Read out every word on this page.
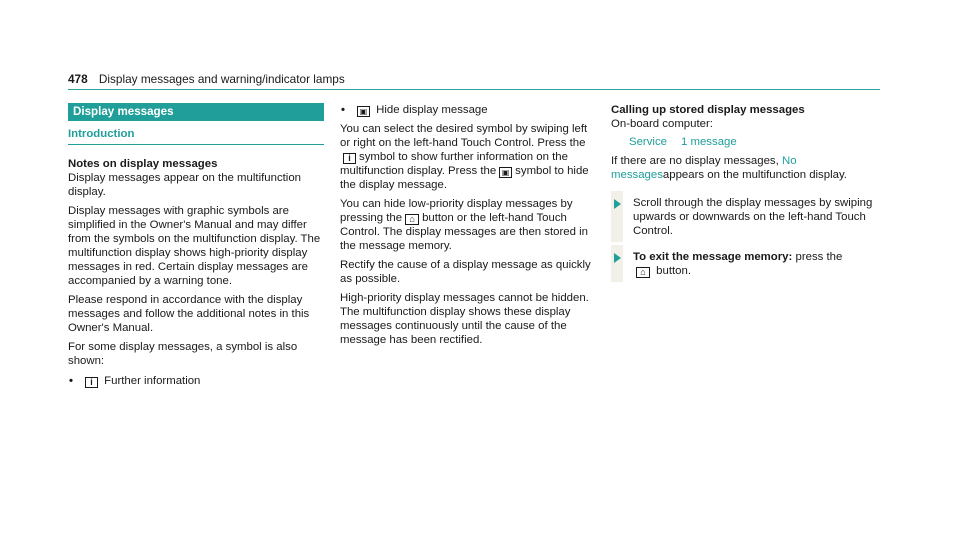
478 Display messages and warning/indicator lamps
Display messages
Introduction
Notes on display messages

Display messages appear on the multifunction display.

Display messages with graphic symbols are simplified in the Owner's Manual and may differ from the symbols on the multifunction display. The multifunction display shows high-priority display messages in red. Certain display messages are accompanied by a warning tone.

Please respond in accordance with the display messages and follow the additional notes in this Owner's Manual.

For some display messages, a symbol is also shown:

• i	Further information
• ▣	Hide display message

You can select the desired symbol by swiping left or right on the left-hand Touch Control. Press theisymbol to show further information on the multifunction display. Press the ▣ symbol to hide the display message.

You can hide low-priority display messages by pressing the ⌂ button or the left-hand Touch Control. The display messages are then stored in the message memory.

Rectify the cause of a display message as quickly as possible.

High-priority display messages cannot be hidden. The multifunction display shows these display messages continuously until the cause of the message has been rectified.

Calling up stored display messages

On-board computer:

Service 1 message

If there are no display messages, No messagesappears on the multifunction display.

Scroll through the display messages by swiping upwards or downwards on the left-hand Touch Control.
To exit the message memory: press the
⌂ button.
